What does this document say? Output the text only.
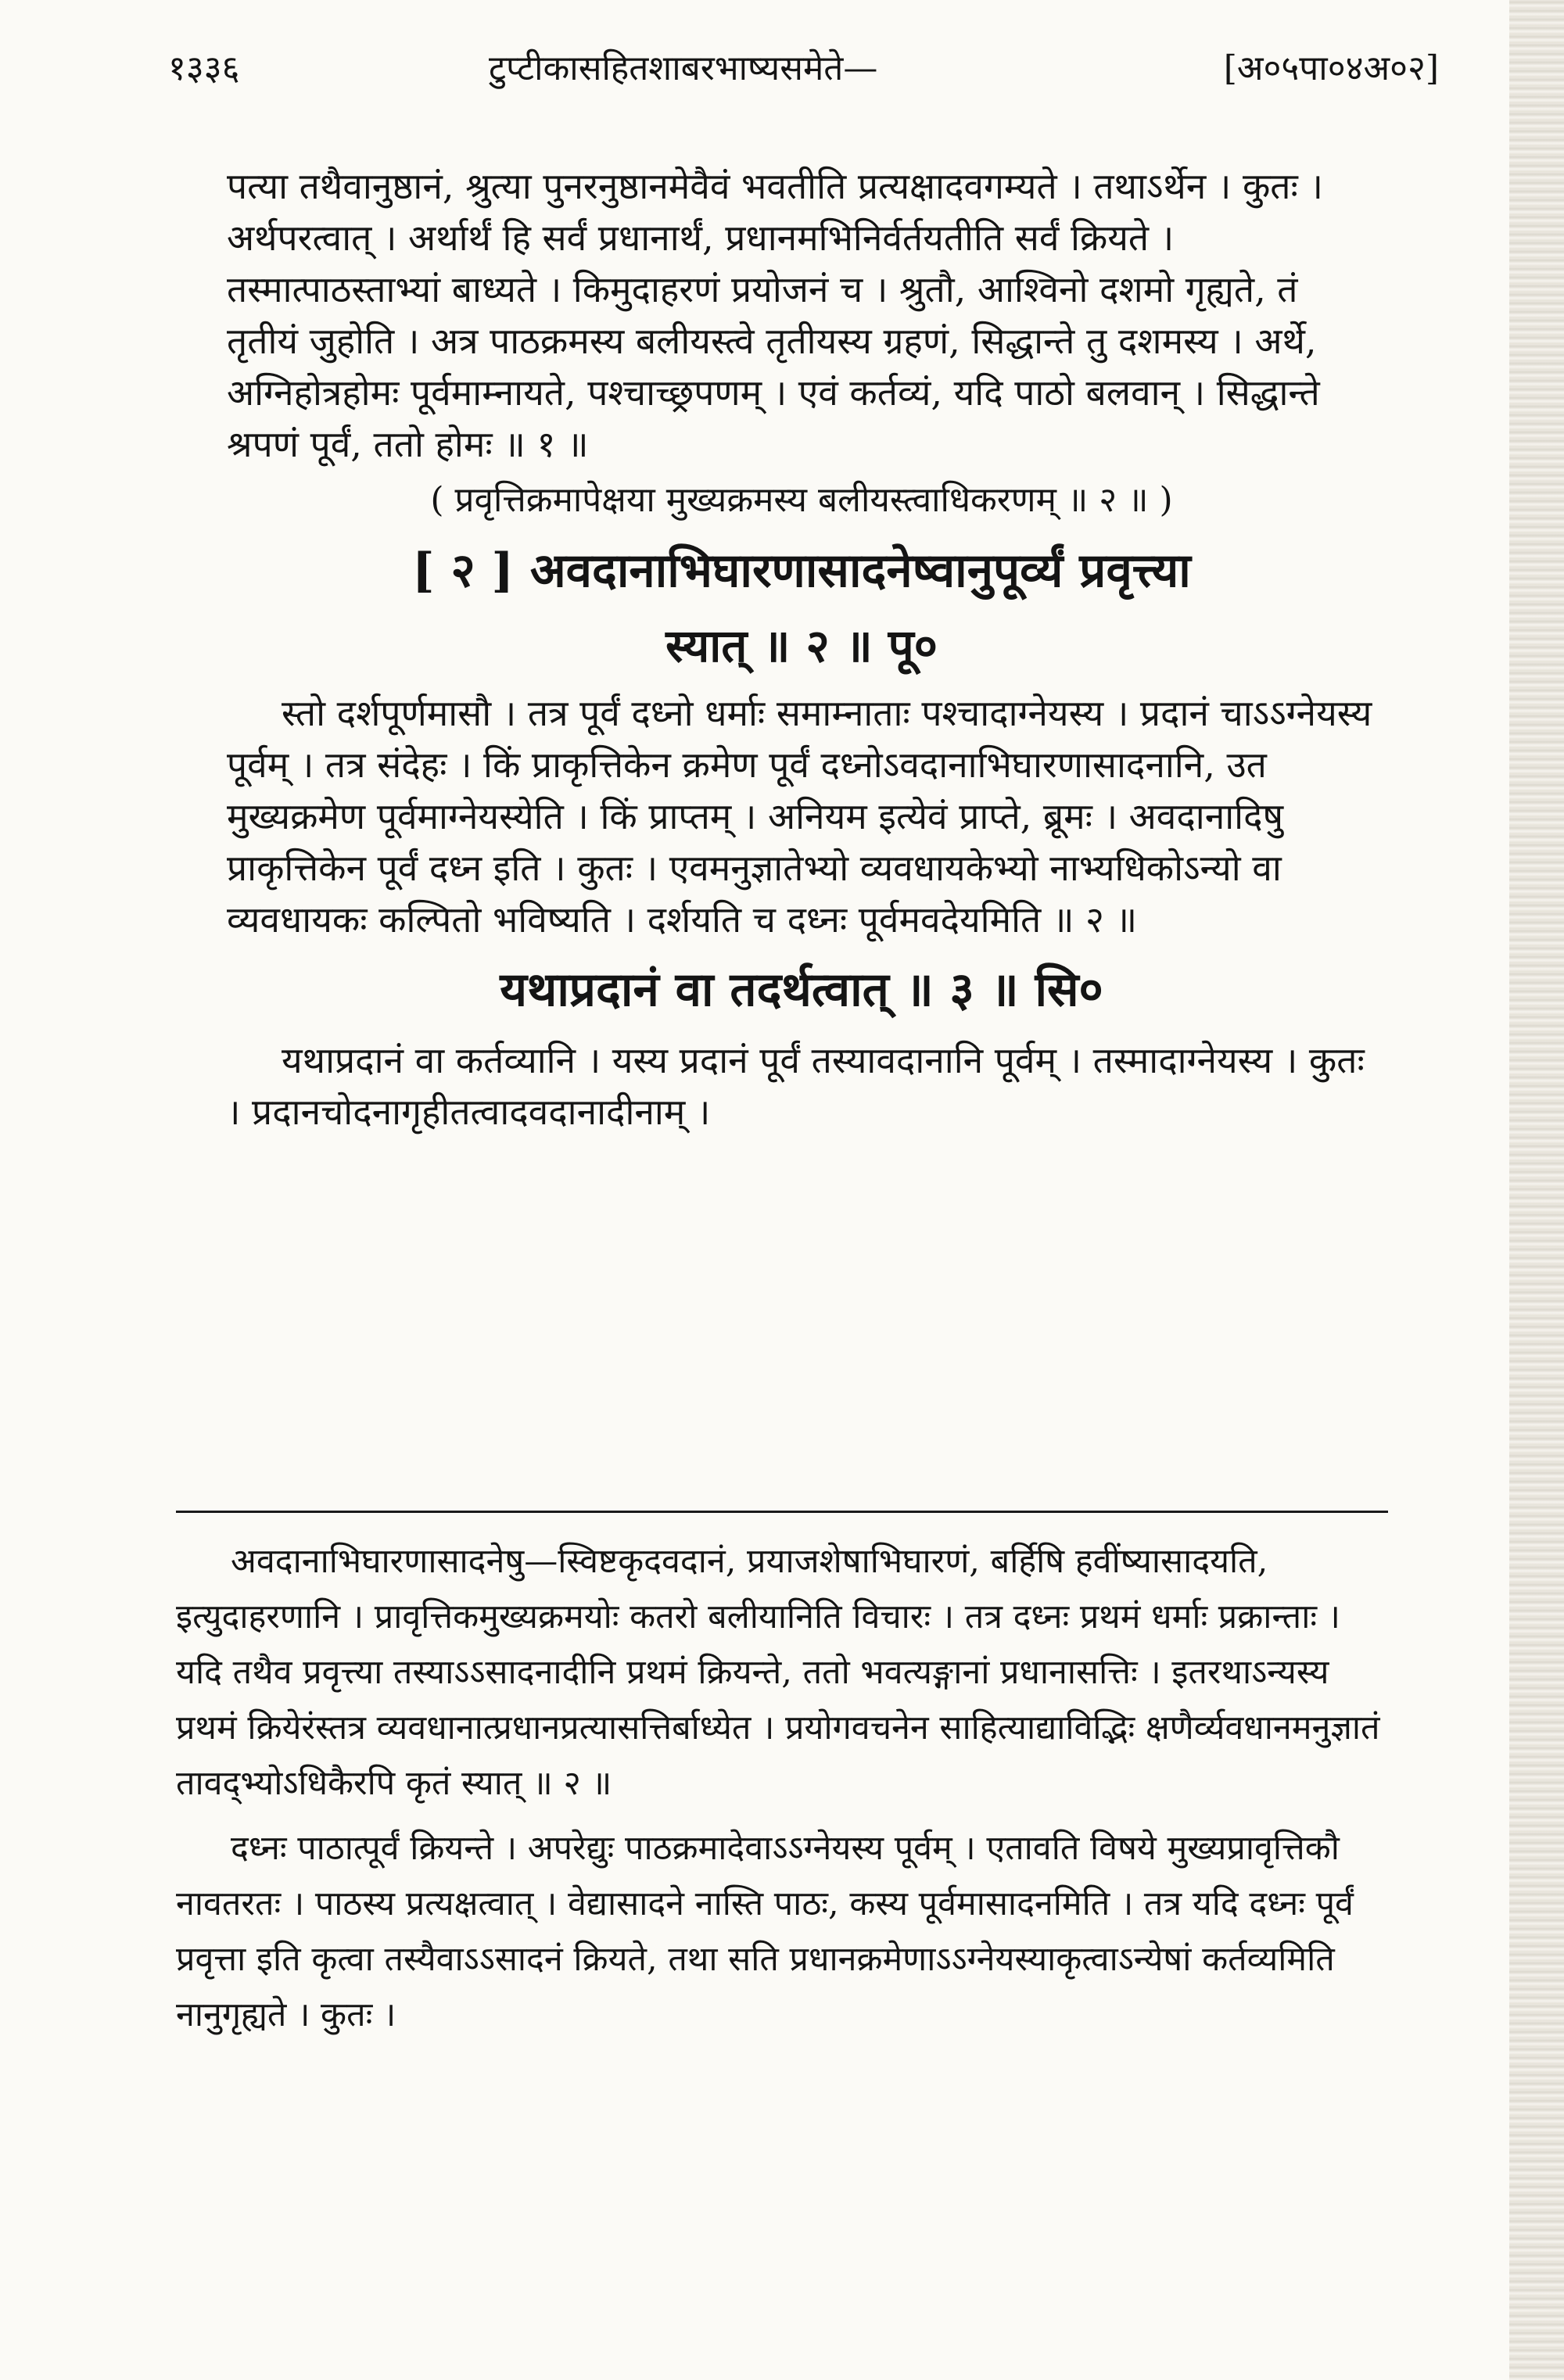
१३३६	टुप्टीकासहितशाबरभाष्यसमेते—	[अ०५पा०४अ०२]

पत्या तथैवानुष्ठानं, श्रुत्या पुनरनुष्ठानमेवैवं भवतीति प्रत्यक्षादवगम्यते । तथाऽर्थेन । कुतः । अर्थपरत्वात् । अर्थार्थं हि सर्वं प्रधानार्थं, प्रधानमभिनिर्वर्तयतीति सर्वं क्रियते । तस्मात्पाठस्ताभ्यां बाध्यते । किमुदाहरणं प्रयोजनं च । श्रुतौ, आश्विनो दशमो गृह्यते, तं तृतीयं जुहोति । अत्र पाठक्रमस्य बलीयस्त्वे तृतीयस्य ग्रहणं, सिद्धान्ते तु दशमस्य । अर्थे, अग्निहोत्रहोमः पूर्वमाम्नायते, पश्चाच्छ्रपणम् । एवं कर्तव्यं, यदि पाठो बलवान् । सिद्धान्ते श्रपणं पूर्वं, ततो होमः ॥ १ ॥

( प्रवृत्तिक्रमापेक्षया मुख्यक्रमस्य बलीयस्त्वाधिकरणम् ॥ २ ॥ )

[ २ ] अवदानाभिघारणासादनेष्वानुपूर्व्यं प्रवृत्त्या
स्यात् ॥ २ ॥ पू०

स्तो दर्शपूर्णमासौ । तत्र पूर्वं दध्नो धर्माः समाम्नाताः पश्चादाग्नेयस्य । प्रदानं चाऽऽग्नेयस्य पूर्वम् । तत्र संदेहः । किं प्राकृत्तिकेन क्रमेण पूर्वं दध्नोऽवदानाभिघारणासादनानि, उत मुख्यक्रमेण पूर्वमाग्नेयस्येति । किं प्राप्तम् । अनियम इत्येवं प्राप्ते, ब्रूमः । अवदानादिषु प्राकृत्तिकेन पूर्वं दध्न इति । कुतः । एवमनुज्ञातेभ्यो व्यवधायकेभ्यो नाभ्यधिकोऽन्यो वा व्यवधायकः कल्पितो भविष्यति । दर्शयति च दध्नः पूर्वमवदेयमिति ॥ २ ॥

यथाप्रदानं वा तदर्थत्वात् ॥ ३ ॥ सि०

यथाप्रदानं वा कर्तव्यानि । यस्य प्रदानं पूर्वं तस्यावदानानि पूर्वम् । तस्मादाग्नेयस्य । कुतः । प्रदानचोदनागृहीतत्वादवदानादीनाम् ।

अवदानाभिघारणासादनेषु—स्विष्टकृदवदानं, प्रयाजशेषाभिघारणं, बर्हिषि हवींष्यासादयति, इत्युदाहरणानि । प्रावृत्तिकमुख्यक्रमयोः कतरो बलीयानिति विचारः । तत्र दध्नः प्रथमं धर्माः प्रक्रान्ताः । यदि तथैव प्रवृत्त्या तस्याऽऽसादनादीनि प्रथमं क्रियन्ते, ततो भवत्यङ्गानां प्रधानासत्तिः । इतरथाऽन्यस्य प्रथमं क्रियेरंस्तत्र व्यवधानात्प्रधानप्रत्यासत्तिर्बाध्येत । प्रयोगवचनेन साहित्याद्याविद्भिः क्षणैर्व्यवधानमनुज्ञातं तावद्भ्योऽधिकैरपि कृतं स्यात् ॥ २ ॥

दध्नः पाठात्पूर्वं क्रियन्ते । अपरेद्युः पाठक्रमादेवाऽऽग्नेयस्य पूर्वम् । एतावति विषये मुख्यप्रावृत्तिकौ नावतरतः । पाठस्य प्रत्यक्षत्वात् । वेद्यासादने नास्ति पाठः, कस्य पूर्वमासादनमिति । तत्र यदि दध्नः पूर्वं प्रवृत्ता इति कृत्वा तस्यैवाऽऽसादनं क्रियते, तथा सति प्रधानक्रमेणाऽऽग्नेयस्याकृत्वाऽन्येषां कर्तव्यमिति नानुगृह्यते । कुतः ।
